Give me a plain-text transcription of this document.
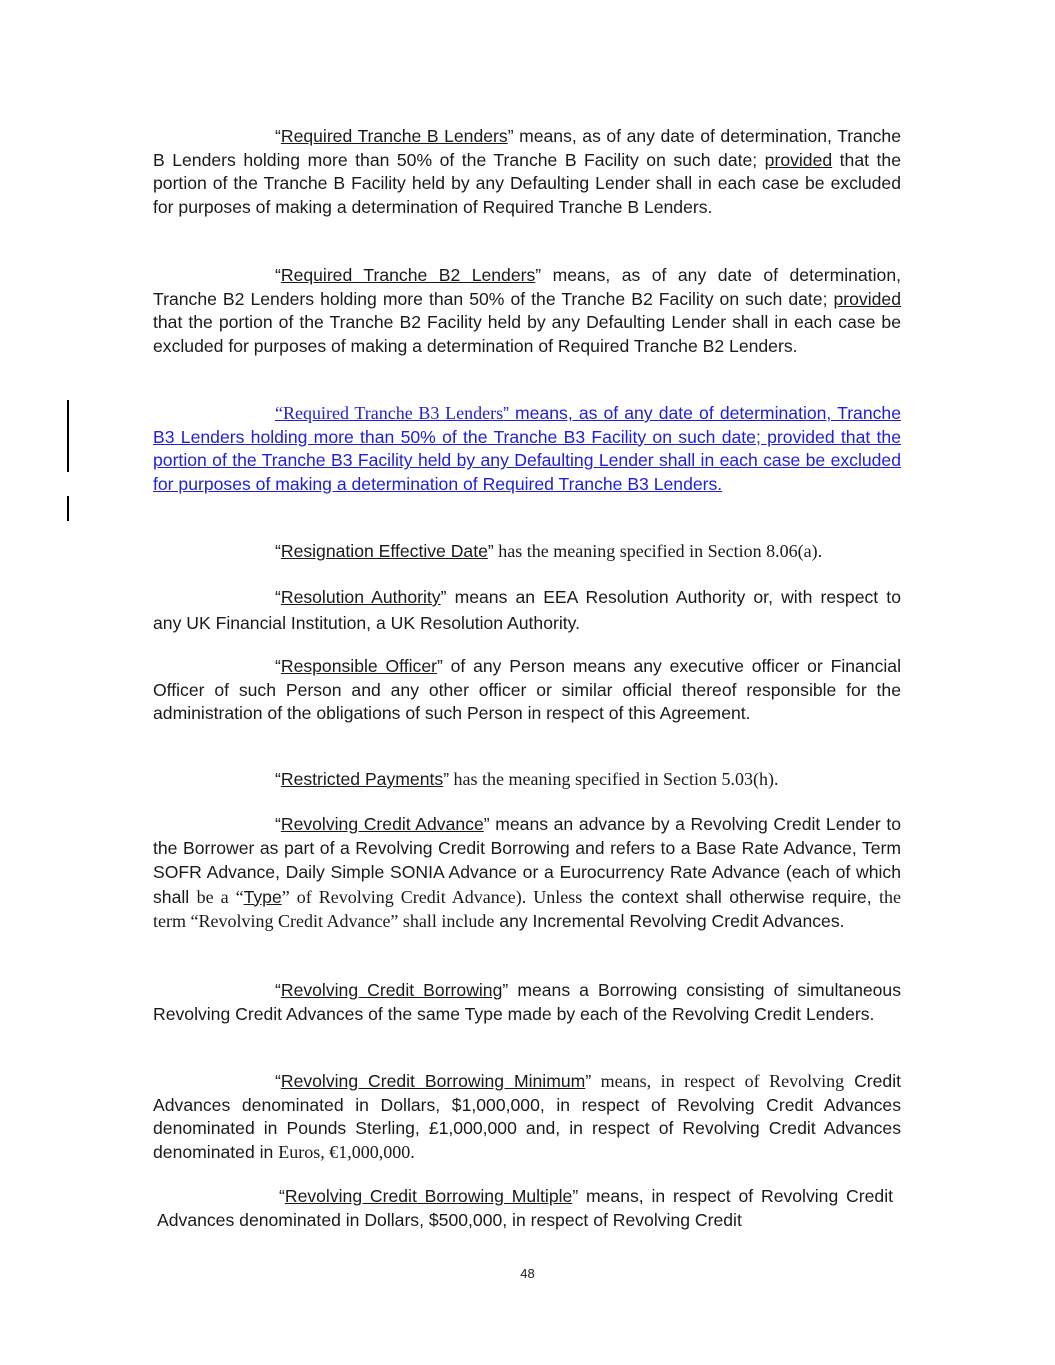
“Required Tranche B Lenders” means, as of any date of determination, Tranche B Lenders holding more than 50% of the Tranche B Facility on such date; provided that the portion of the Tranche B Facility held by any Defaulting Lender shall in each case be excluded for purposes of making a determination of Required Tranche B Lenders.

“Required Tranche B2 Lenders” means, as of any date of determination, Tranche B2 Lenders holding more than 50% of the Tranche B2 Facility on such date; provided that the portion of the Tranche B2 Facility held by any Defaulting Lender shall in each case be excluded for purposes of making a determination of Required Tranche B2 Lenders.

“Required Tranche B3 Lenders” means, as of any date of determination, Tranche B3 Lenders holding more than 50% of the Tranche B3 Facility on such date; provided that the portion of the Tranche B3 Facility held by any Defaulting Lender shall in each case be excluded for purposes of making a determination of Required Tranche B3 Lenders.

“Resignation Effective Date” has the meaning specified in Section 8.06(a).

“Resolution Authority” means an EEA Resolution Authority or, with respect to any UK Financial Institution, a UK Resolution Authority.

“Responsible Officer” of any Person means any executive officer or Financial Officer of such Person and any other officer or similar official thereof responsible for the administration of the obligations of such Person in respect of this Agreement.

“Restricted Payments” has the meaning specified in Section 5.03(h).

“Revolving Credit Advance” means an advance by a Revolving Credit Lender to the Borrower as part of a Revolving Credit Borrowing and refers to a Base Rate Advance, Term SOFR Advance, Daily Simple SONIA Advance or a Eurocurrency Rate Advance (each of which shall be a “Type” of Revolving Credit Advance). Unless the context shall otherwise require, the term “Revolving Credit Advance” shall include any Incremental Revolving Credit Advances.

“Revolving Credit Borrowing” means a Borrowing consisting of simultaneous Revolving Credit Advances of the same Type made by each of the Revolving Credit Lenders.

“Revolving Credit Borrowing Minimum” means, in respect of Revolving Credit Advances denominated in Dollars, $1,000,000, in respect of Revolving Credit Advances denominated in Pounds Sterling, £1,000,000 and, in respect of Revolving Credit Advances denominated in Euros, €1,000,000.

“Revolving Credit Borrowing Multiple” means, in respect of Revolving Credit Advances denominated in Dollars, $500,000, in respect of Revolving Credit

48
